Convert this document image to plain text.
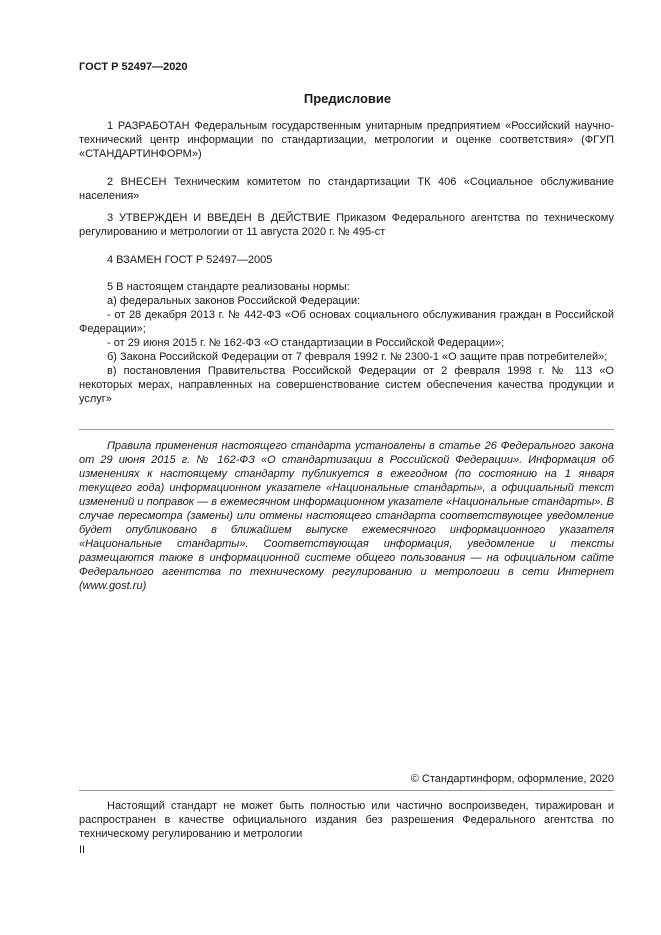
ГОСТ Р 52497—2020
Предисловие

1 РАЗРАБОТАН Федеральным государственным унитарным предприятием «Российский научно-технический центр информации по стандартизации, метрологии и оценке соответствия» (ФГУП «СТАНДАРТИНФОРМ»)

2 ВНЕСЕН Техническим комитетом по стандартизации ТК 406 «Социальное обслуживание населения»

3 УТВЕРЖДЕН И ВВЕДЕН В ДЕЙСТВИЕ Приказом Федерального агентства по техническому регулированию и метрологии от 11 августа 2020 г. № 495-ст

4 ВЗАМЕН ГОСТ Р 52497—2005

5 В настоящем стандарте реализованы нормы:

а) федеральных законов Российской Федерации:

- от 28 декабря 2013 г. № 442-ФЗ «Об основах социального обслуживания граждан в Российской Федерации»;

- от 29 июня 2015 г. № 162-ФЗ «О стандартизации в Российской Федерации»;

б) Закона Российской Федерации от 7 февраля 1992 г. № 2300-1 «О защите прав потребителей»;

в) постановления Правительства Российской Федерации от 2 февраля 1998 г. № 113 «О некоторых мерах, направленных на совершенствование систем обеспечения качества продукции и услуг»

Правила применения настоящего стандарта установлены в статье 26 Федерального закона от 29 июня 2015 г. № 162-ФЗ «О стандартизации в Российской Федерации». Информация об изменениях к настоящему стандарту публикуется в ежегодном (по состоянию на 1 января текущего года) информационном указателе «Национальные стандарты», а официальный текст изменений и поправок — в ежемесячном информационном указателе «Национальные стандарты». В случае пересмотра (замены) или отмены настоящего стандарта соответствующее уведомление будет опубликовано в ближайшем выпуске ежемесячного информационного указателя «Национальные стандарты». Соответствующая информация, уведомление и тексты размещаются также в информационной системе общего пользования — на официальном сайте Федерального агентства по техническому регулированию и метрологии в сети Интернет (www.gost.ru)

© Стандартинформ, оформление, 2020

Настоящий стандарт не может быть полностью или частично воспроизведен, тиражирован и распространен в качестве официального издания без разрешения Федерального агентства по техническому регулированию и метрологии

II
